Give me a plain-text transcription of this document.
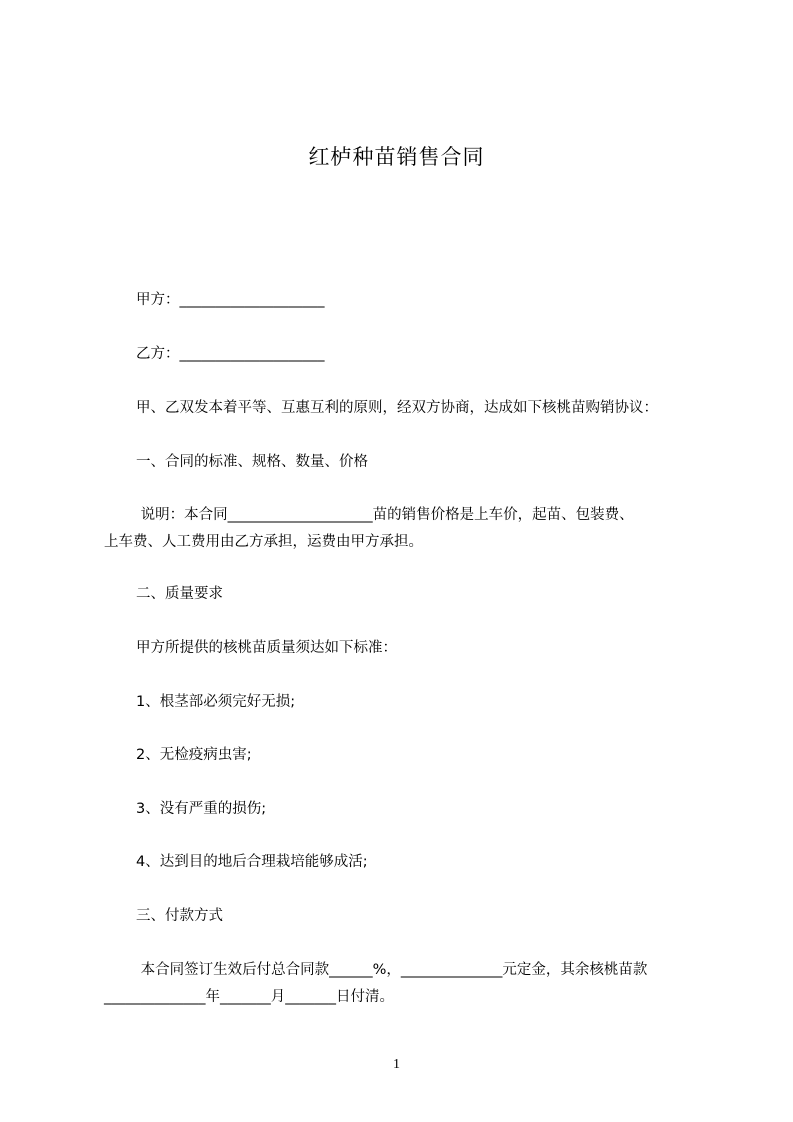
红栌种苗销售合同
甲方：____________________
乙方：____________________
甲、乙双发本着平等、互惠互利的原则，经双方协商，达成如下核桃苗购销协议：
一、合同的标准、规格、数量、价格
说明：本合同____________________苗的销售价格是上车价，起苗、包装费、
上车费、人工费用由乙方承担，运费由甲方承担。
二、质量要求
甲方所提供的核桃苗质量须达如下标准：
1、根茎部必须完好无损;
2、无检疫病虫害;
3、没有严重的损伤;
4、达到目的地后合理栽培能够成活;
三、付款方式
本合同签订生效后付总合同款______%，______________元定金，其余核桃苗款
______________年_______月_______日付清。
1
